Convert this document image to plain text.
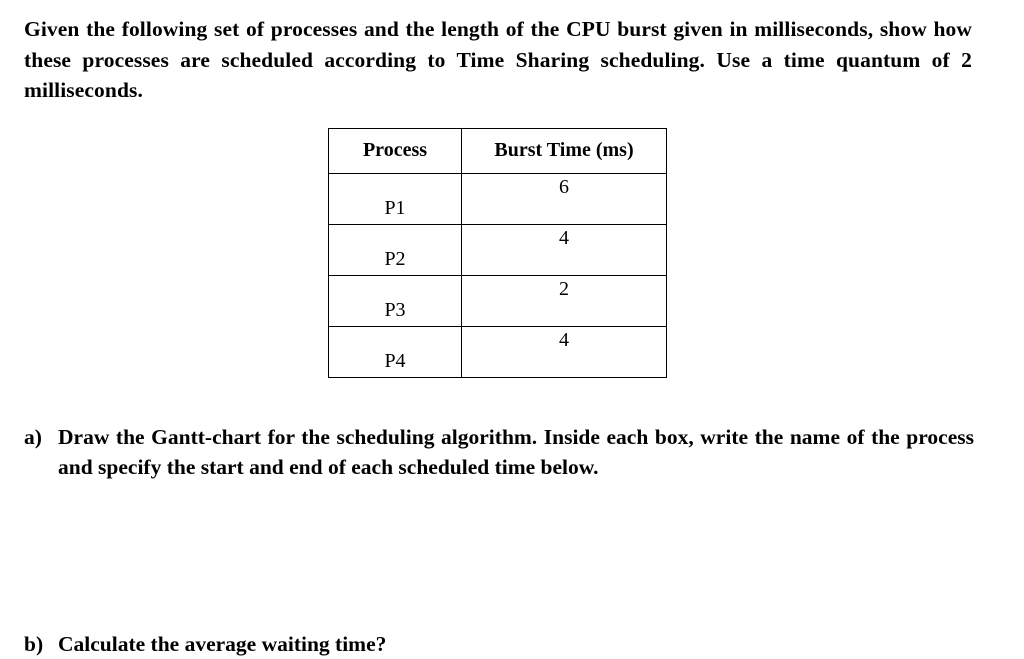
Given the following set of processes and the length of the CPU burst given in milliseconds, show how these processes are scheduled according to Time Sharing scheduling. Use a time quantum of 2 milliseconds.

Process	Burst Time (ms)
P1	6
P2	4
P3	2
P4	4
a) Draw the Gantt-chart for the scheduling algorithm. Inside each box, write the name of the process and specify the start and end of each scheduled time below.
b) Calculate the average waiting time?
